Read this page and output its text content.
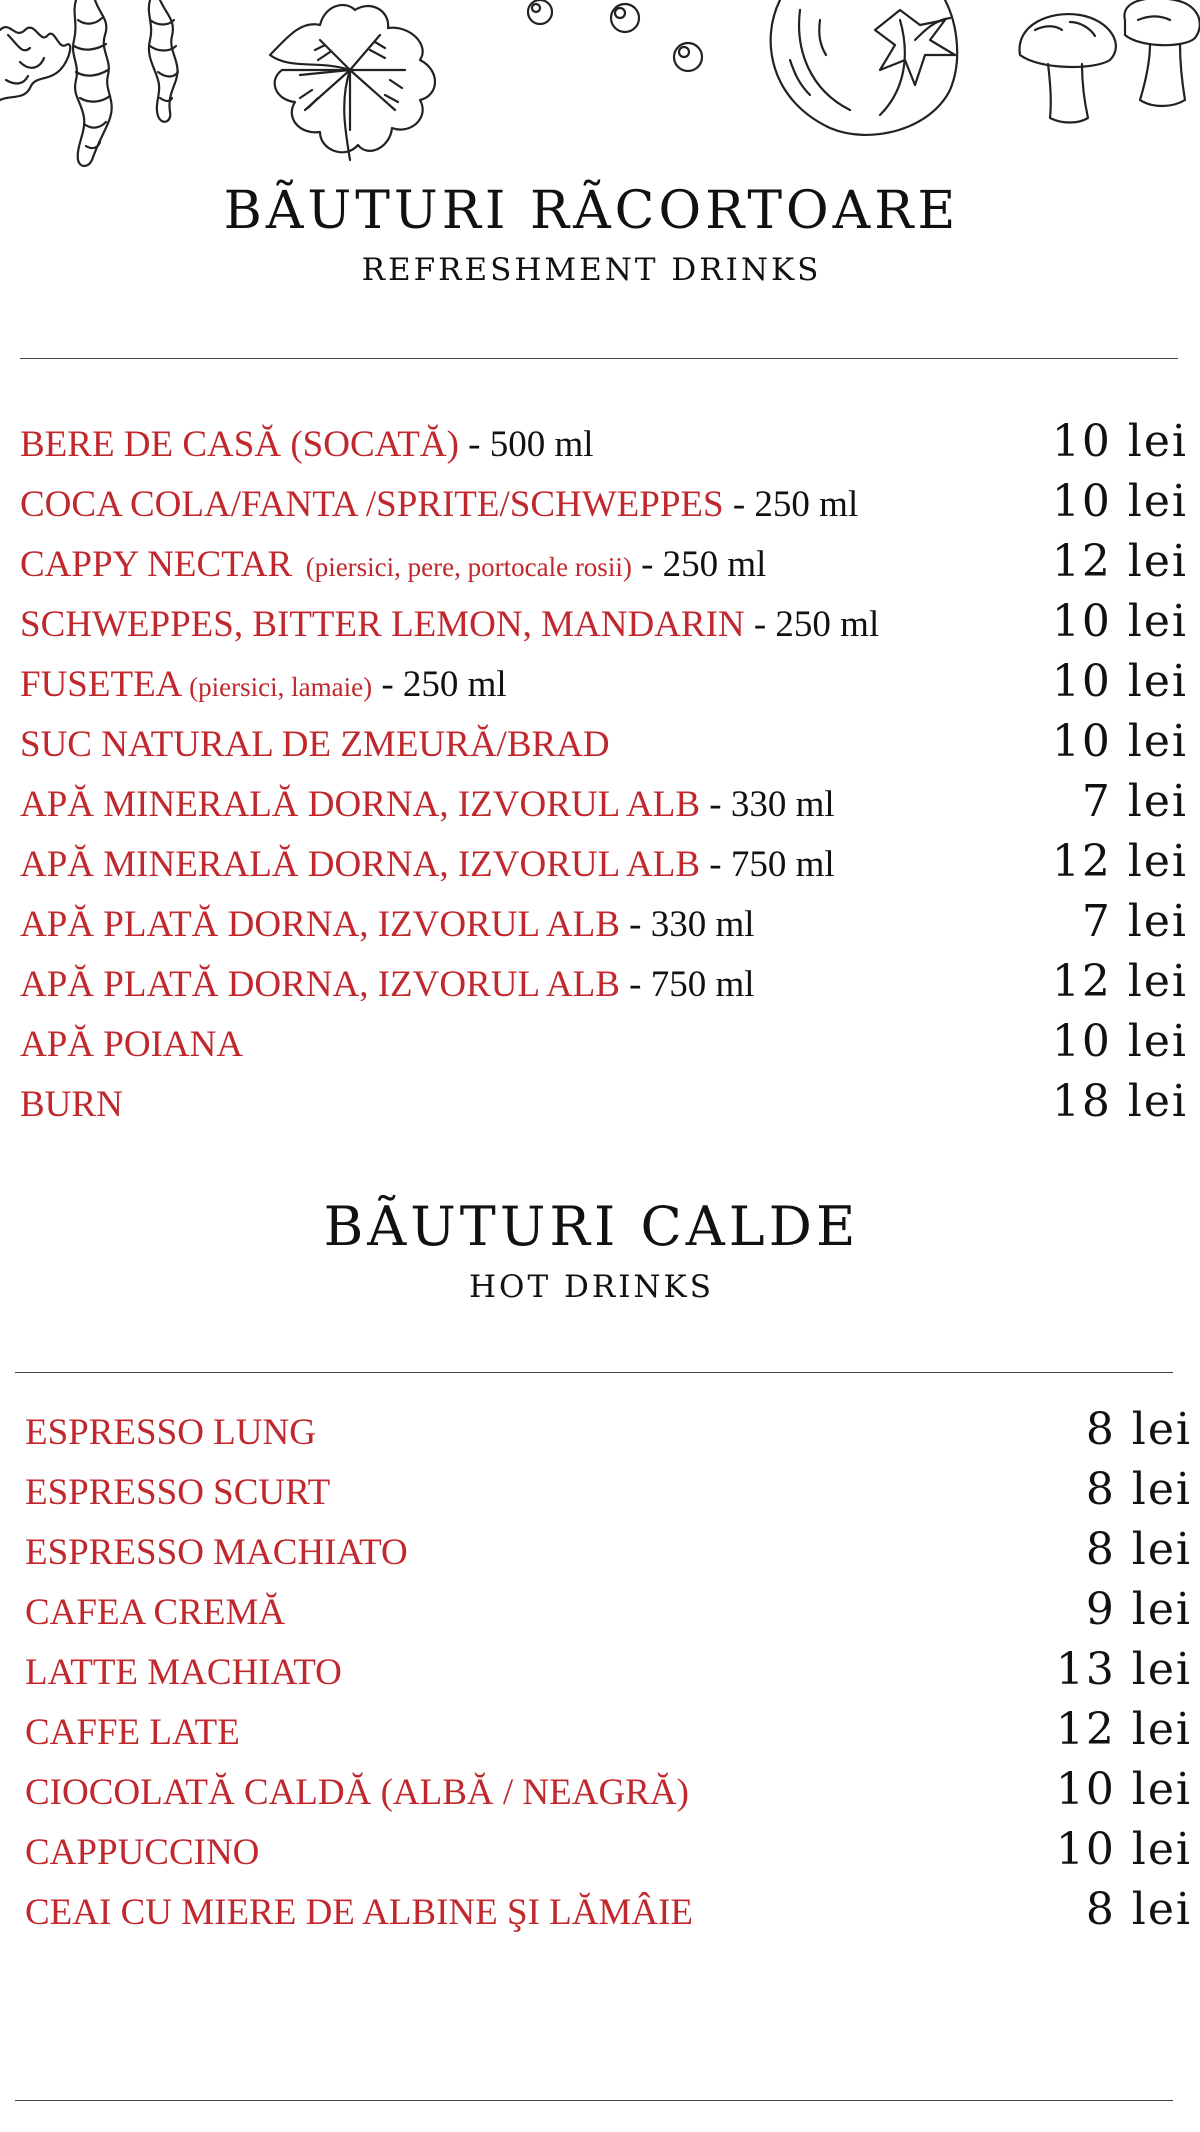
BÃUTURI RÃCORTOARE
REFRESHMENT DRINKS
BERE DE CASĂ (SOCATĂ) - 500 ml	10 lei
COCA COLA/FANTA /SPRITE/SCHWEPPES - 250 ml	10 lei
CAPPY NECTAR  (piersici, pere, portocale rosii) - 250 ml	12 lei
SCHWEPPES, BITTER LEMON, MANDARIN - 250 ml	10 lei
FUSETEA (piersici, lamaie) - 250 ml	10 lei
SUC NATURAL DE ZMEURĂ/BRAD	10 lei
APĂ MINERALĂ DORNA, IZVORUL ALB - 330 ml	7 lei
APĂ MINERALĂ DORNA, IZVORUL ALB - 750 ml	12 lei
APĂ PLATĂ DORNA, IZVORUL ALB - 330 ml	7 lei
APĂ PLATĂ DORNA, IZVORUL ALB - 750 ml	12 lei
APĂ POIANA	10 lei
BURN	18 lei
BÃUTURI CALDE
HOT DRINKS
ESPRESSO LUNG	8 lei
ESPRESSO SCURT	8 lei
ESPRESSO MACHIATO	8 lei
CAFEA CREMĂ	9 lei
LATTE MACHIATO	13 lei
CAFFE LATE	12 lei
CIOCOLATĂ CALDĂ (ALBĂ / NEAGRĂ)	10 lei
CAPPUCCINO	10 lei
CEAI CU MIERE DE ALBINE ŞI LĂMÂIE	8 lei
